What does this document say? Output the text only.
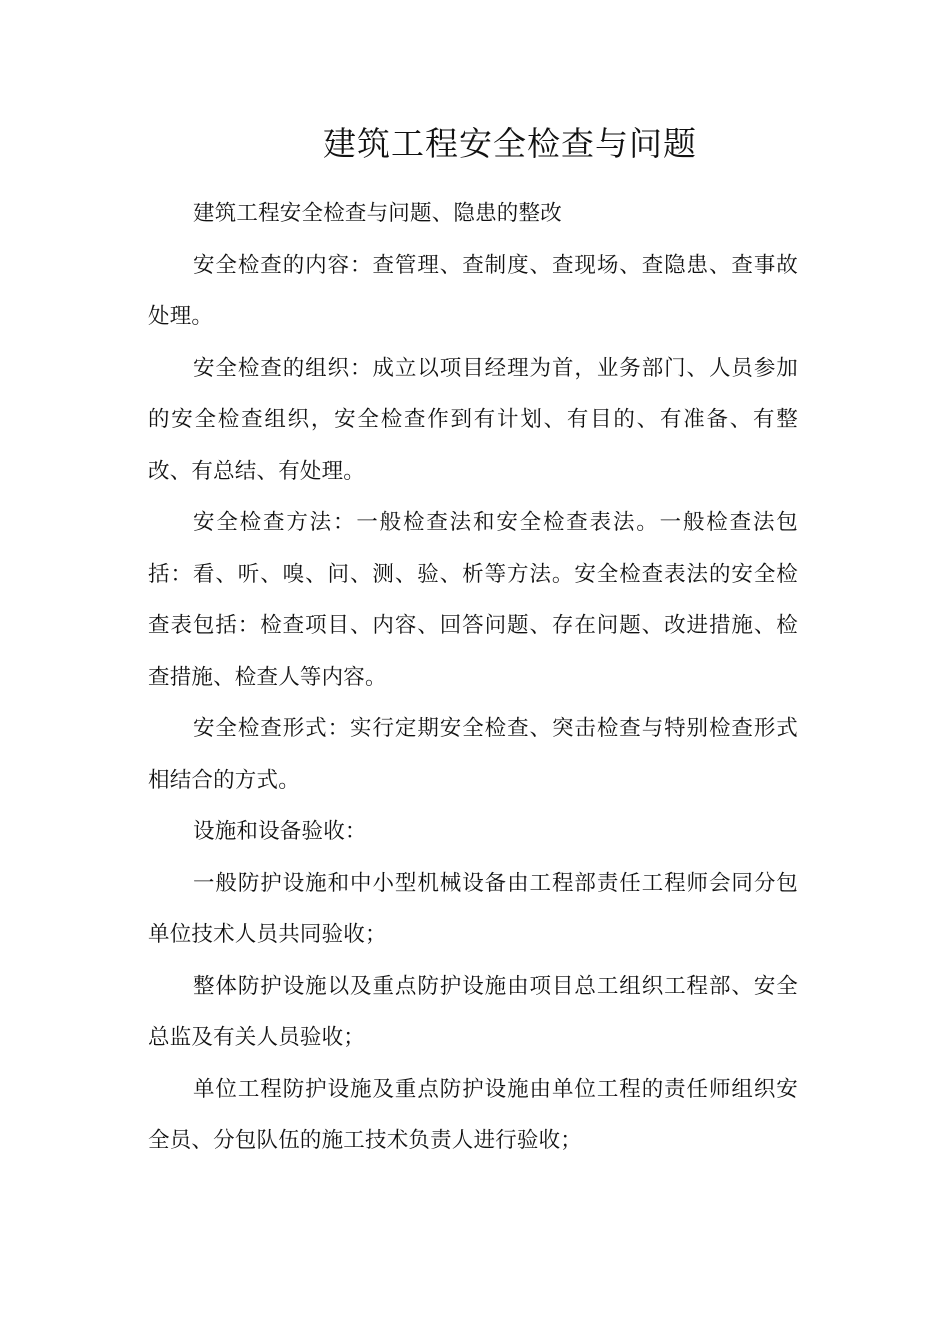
建筑工程安全检查与问题

建筑工程安全检查与问题、隐患的整改

安全检查的内容：查管理、查制度、查现场、查隐患、查事故处理。

安全检查的组织：成立以项目经理为首，业务部门、人员参加的安全检查组织，安全检查作到有计划、有目的、有准备、有整改、有总结、有处理。

安全检查方法：一般检查法和安全检查表法。一般检查法包括：看、听、嗅、问、测、验、析等方法。安全检查表法的安全检查表包括：检查项目、内容、回答问题、存在问题、改进措施、检查措施、检查人等内容。

安全检查形式：实行定期安全检查、突击检查与特别检查形式相结合的方式。

设施和设备验收：

一般防护设施和中小型机械设备由工程部责任工程师会同分包单位技术人员共同验收；

整体防护设施以及重点防护设施由项目总工组织工程部、安全总监及有关人员验收；

单位工程防护设施及重点防护设施由单位工程的责任师组织安全员、分包队伍的施工技术负责人进行验收；
